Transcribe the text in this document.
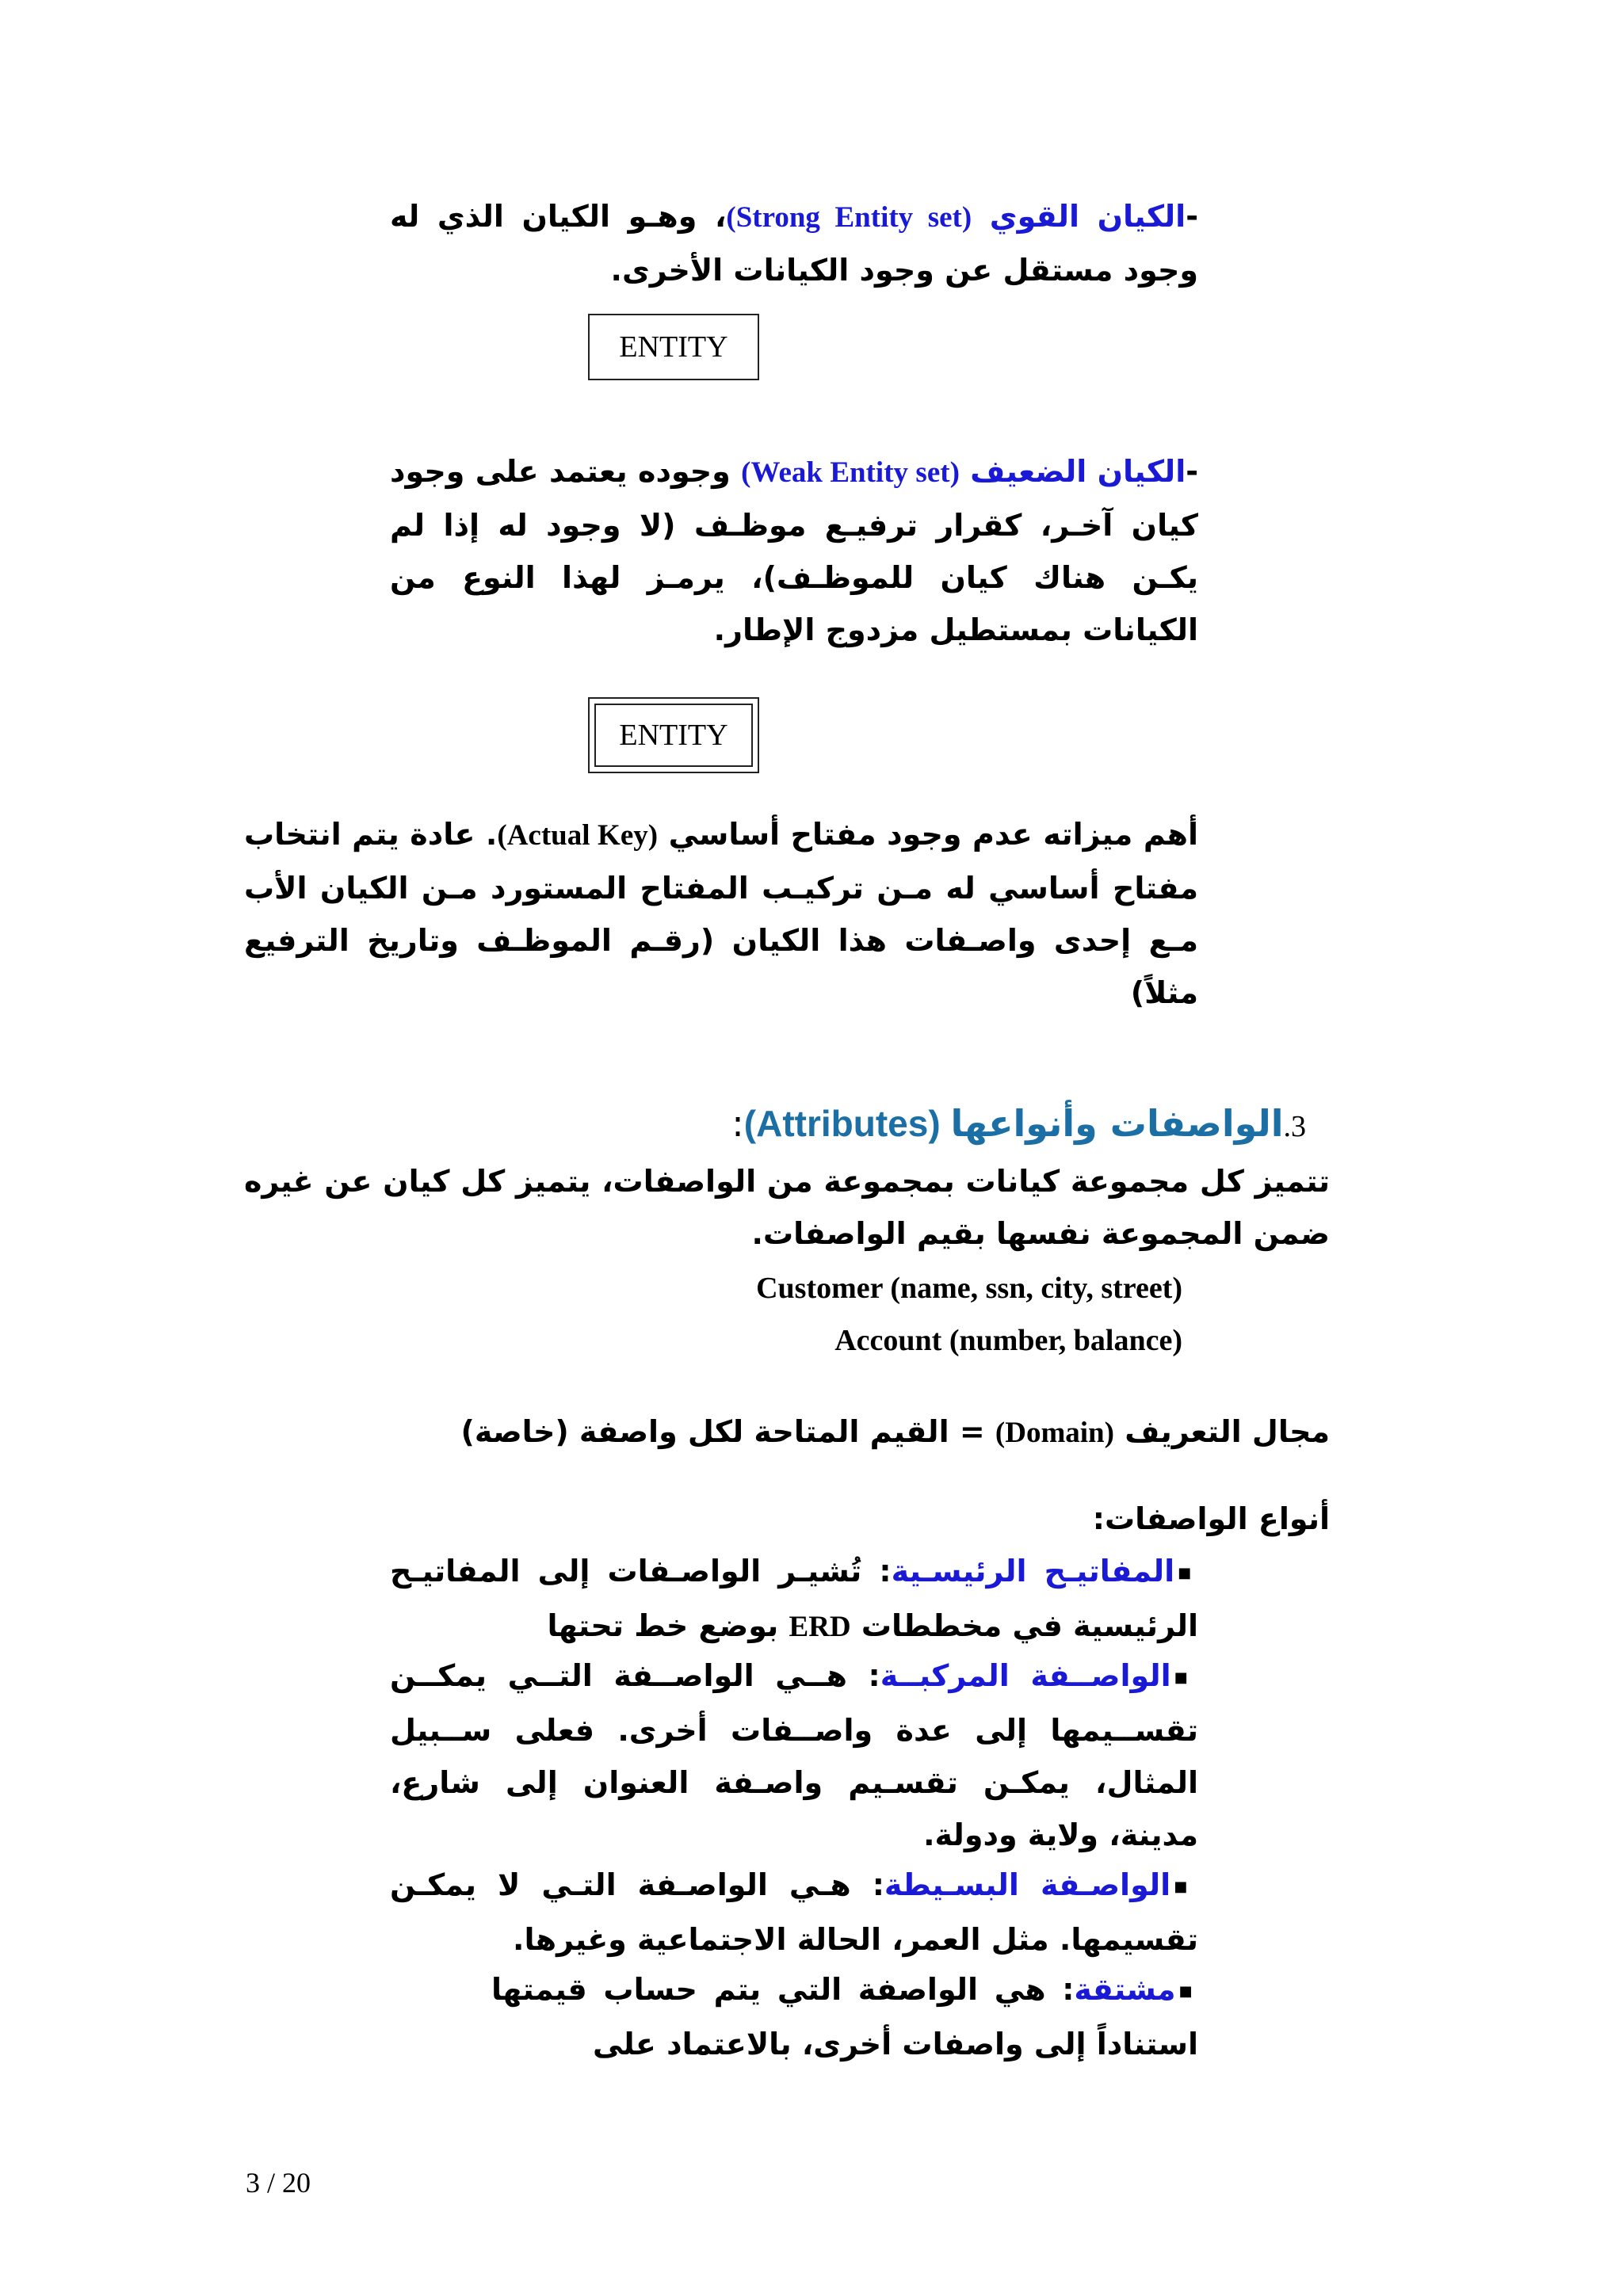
-الكيان القوي (Strong Entity set)، وهـو الكيان الذي له وجود مستقل عن وجود الكيانات الأخرى.
ENTITY
-الكيان الضعيف (Weak Entity set) وجوده يعتمد على وجود كيان آخـر، كقرار ترفيـع موظـف (لا وجود له إذا لم يكـن هناك كيان للموظـف)، يرمـز لهذا النوع من الكيانات بمستطيل مزدوج الإطار.
ENTITY
أهم ميزاته عدم وجود مفتاح أساسي (Actual Key). عادة يتم انتخاب مفتاح أساسي له مـن تركيـب المفتاح المستورد مـن الكيان الأب مـع إحدى واصـفات هذا الكيان (رقـم الموظـف وتاريخ الترفيع مثلاً)
3.الواصفات وأنواعها (Attributes):
تتميز كل مجموعة كيانات بمجموعة من الواصفات، يتميز كل كيان عن غيره ضمن المجموعة نفسها بقيم الواصفات.
Customer (name, ssn, city, street)
Account (number, balance)
مجال التعريف (Domain) = القيم المتاحة لكل واصفة (خاصة)
أنواع الواصفات:
■المفاتيـح الرئيسـية: تُشيـر الواصـفات إلى المفاتيـح الرئيسية في مخططات ERD بوضع خط تحتها
■الواصــفة المركبــة: هــي الواصــفة التــي يمكــن تقســيمها إلى عدة واصــفات أخرى. فعلى ســبيل المثال، يمكـن تقسـيم واصـفة العنوان إلى شارع، مدينة، ولاية ودولة.
■الواصـفة البسـيطة: هـي الواصـفة التـي لا يمكـن تقسيمها. مثل العمر، الحالة الاجتماعية وغيرها.
■مشتقة: هي الواصفة التي يتم حساب قيمتها استناداً إلى واصفات أخرى، بالاعتماد على
3 / 20
